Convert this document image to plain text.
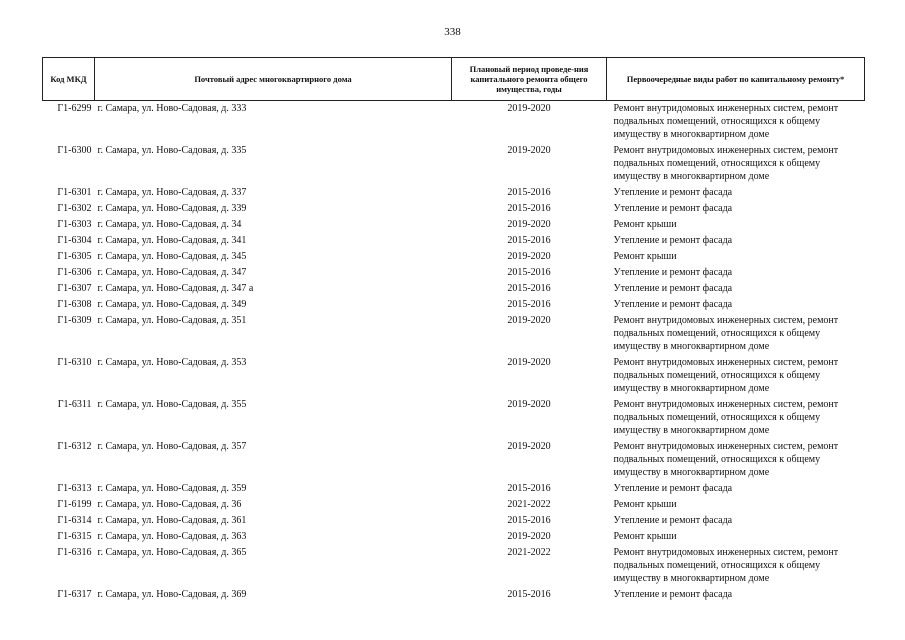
338
Код МКД	Почтовый адрес многоквартирного дома	Плановый период проведе-ния капитального ремонта общего имущества, годы	Первоочередные виды работ по капитальному ремонту*
Г1-6299	г. Самара, ул. Ново-Садовая, д. 333	2019-2020	Ремонт внутридомовых инженерных систем, ремонт подвальных помещений, относящихся к общему имуществу в многоквартирном доме
Г1-6300	г. Самара, ул. Ново-Садовая, д. 335	2019-2020	Ремонт внутридомовых инженерных систем, ремонт подвальных помещений, относящихся к общему имуществу в многоквартирном доме
Г1-6301	г. Самара, ул. Ново-Садовая, д. 337	2015-2016	Утепление и ремонт фасада
Г1-6302	г. Самара, ул. Ново-Садовая, д. 339	2015-2016	Утепление и ремонт фасада
Г1-6303	г. Самара, ул. Ново-Садовая, д. 34	2019-2020	Ремонт крыши
Г1-6304	г. Самара, ул. Ново-Садовая, д. 341	2015-2016	Утепление и ремонт фасада
Г1-6305	г. Самара, ул. Ново-Садовая, д. 345	2019-2020	Ремонт крыши
Г1-6306	г. Самара, ул. Ново-Садовая, д. 347	2015-2016	Утепление и ремонт фасада
Г1-6307	г. Самара, ул. Ново-Садовая, д. 347 а	2015-2016	Утепление и ремонт фасада
Г1-6308	г. Самара, ул. Ново-Садовая, д. 349	2015-2016	Утепление и ремонт фасада
Г1-6309	г. Самара, ул. Ново-Садовая, д. 351	2019-2020	Ремонт внутридомовых инженерных систем, ремонт подвальных помещений, относящихся к общему имуществу в многоквартирном доме
Г1-6310	г. Самара, ул. Ново-Садовая, д. 353	2019-2020	Ремонт внутридомовых инженерных систем, ремонт подвальных помещений, относящихся к общему имуществу в многоквартирном доме
Г1-6311	г. Самара, ул. Ново-Садовая, д. 355	2019-2020	Ремонт внутридомовых инженерных систем, ремонт подвальных помещений, относящихся к общему имуществу в многоквартирном доме
Г1-6312	г. Самара, ул. Ново-Садовая, д. 357	2019-2020	Ремонт внутридомовых инженерных систем, ремонт подвальных помещений, относящихся к общему имуществу в многоквартирном доме
Г1-6313	г. Самара, ул. Ново-Садовая, д. 359	2015-2016	Утепление и ремонт фасада
Г1-6199	г. Самара, ул. Ново-Садовая, д. 36	2021-2022	Ремонт крыши
Г1-6314	г. Самара, ул. Ново-Садовая, д. 361	2015-2016	Утепление и ремонт фасада
Г1-6315	г. Самара, ул. Ново-Садовая, д. 363	2019-2020	Ремонт крыши
Г1-6316	г. Самара, ул. Ново-Садовая, д. 365	2021-2022	Ремонт внутридомовых инженерных систем, ремонт подвальных помещений, относящихся к общему имуществу в многоквартирном доме
Г1-6317	г. Самара, ул. Ново-Садовая, д. 369	2015-2016	Утепление и ремонт фасада
